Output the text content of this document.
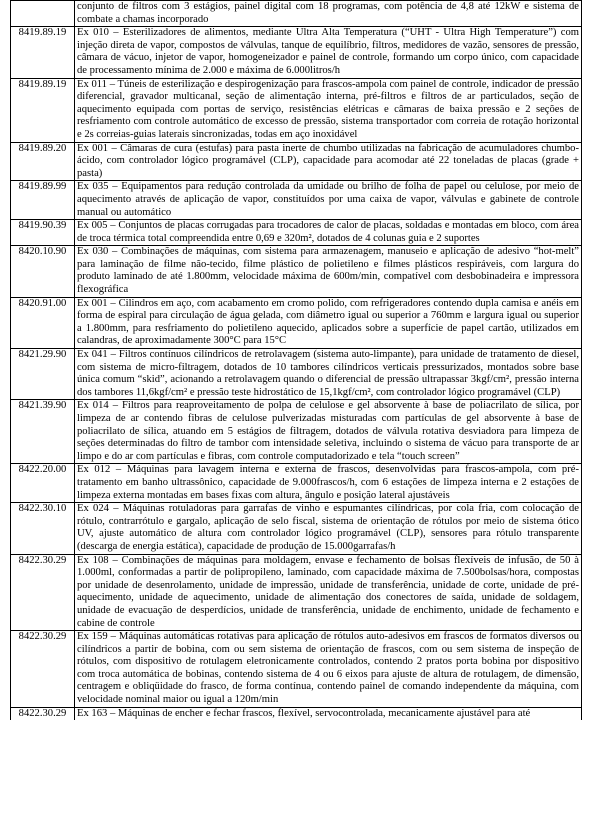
	conjunto de filtros com 3 estágios, painel digital com 18 programas, com potência de 4,8 até 12kW e sistema de combate a chamas incorporado
8419.89.19	Ex 010 – Esterilizadores de alimentos, mediante Ultra Alta Temperatura (“UHT - Ultra High Temperature”) com injeção direta de vapor, compostos de válvulas, tanque de equilíbrio, filtros, medidores de vazão, sensores de pressão, câmara de vácuo, injetor de vapor, homogeneizador e painel de controle, formando um corpo único, com capacidade de processamento mínima de 2.000 e máxima de 6.000litros/h
8419.89.19	Ex 011 – Túneis de esterilização e despirogenização para frascos-ampola com painel de controle, indicador de pressão diferencial, gravador multicanal, seção de alimentação interna, pré-filtros e filtros de ar particulados, seção de aquecimento equipada com portas de serviço, resistências elétricas e câmaras de baixa pressão e 2 seções de resfriamento com controle automático de excesso de pressão, sistema transportador com correia de rotação horizontal e 2s correias-guias laterais sincronizadas, todas em aço inoxidável
8419.89.20	Ex 001 – Câmaras de cura (estufas) para pasta inerte de chumbo utilizadas na fabricação de acumuladores chumbo-ácido, com controlador lógico programável (CLP), capacidade para acomodar até 22 toneladas de placas (grade + pasta)
8419.89.99	Ex 035 – Equipamentos para redução controlada da umidade ou brilho de folha de papel ou celulose, por meio de aquecimento através de aplicação de vapor, constituídos por uma caixa de vapor, válvulas e gabinete de controle manual ou automático
8419.90.39	Ex 005 – Conjuntos de placas corrugadas para trocadores de calor de placas, soldadas e montadas em bloco, com área de troca térmica total compreendida entre 0,69 e 320m², dotados de 4 colunas guia e 2 suportes
8420.10.90	Ex 030 – Combinações de máquinas, com sistema para armazenagem, manuseio e aplicação de adesivo “hot-melt” para laminação de filme não-tecido, filme plástico de polietileno e filmes plásticos respiráveis, com largura do produto laminado de até 1.800mm, velocidade máxima de 600m/min, compatível com desbobinadeira e impressora flexográfica
8420.91.00	Ex 001 – Cilindros em aço, com acabamento em cromo polido, com refrigeradores contendo dupla camisa e anéis em forma de espiral para circulação de água gelada, com diâmetro igual ou superior a 760mm e largura igual ou superior a 1.800mm, para resfriamento do polietileno aquecido, aplicados sobre a superfície de papel cartão, utilizados em calandras, de aproximadamente 300°C para 15°C
8421.29.90	Ex 041 – Filtros contínuos cilíndricos de retrolavagem (sistema auto-limpante), para unidade de tratamento de diesel, com sistema de micro-filtragem, dotados de 10 tambores cilíndricos verticais pressurizados, montados sobre base única comum “skid”, acionando a retrolavagem quando o diferencial de pressão ultrapassar 3kgf/cm², pressão interna dos tambores 11,6kgf/cm² e pressão teste hidrostático de 15,1kgf/cm², com controlador lógico programável (CLP)
8421.39.90	Ex 014 – Filtros para reaproveitamento de polpa de celulose e gel absorvente à base de poliacrilato de sílica, por limpeza de ar contendo fibras de celulose pulverizadas misturadas com partículas de gel absorvente à base de poliacrilato de sílica, atuando em 5 estágios de filtragem, dotados de válvula rotativa desviadora para limpeza de seções determinadas do filtro de tambor com intensidade seletiva, incluindo o sistema de vácuo para transporte de ar limpo e do ar com partículas e fibras, com controle computadorizado e tela “touch screen”
8422.20.00	Ex 012 – Máquinas para lavagem interna e externa de frascos, desenvolvidas para frascos-ampola, com pré-tratamento em banho ultrassônico, capacidade de 9.000frascos/h, com 6 estações de limpeza interna e 2 estações de limpeza externa montadas em bases fixas com altura, ângulo e posição lateral ajustáveis
8422.30.10	Ex 024 – Máquinas rotuladoras para garrafas de vinho e espumantes cilíndricas, por cola fria, com colocação de rótulo, contrarrótulo e gargalo, aplicação de selo fiscal, sistema de orientação de rótulos por meio de sistema ótico UV, ajuste automático de altura com controlador lógico programável (CLP), sensores para rótulo transparente (descarga de energia estática), capacidade de produção de 15.000garrafas/h
8422.30.29	Ex 108 – Combinações de máquinas para moldagem, envase e fechamento de bolsas flexíveis de infusão, de 50 à 1.000ml, conformadas a partir de polipropileno, laminado, com capacidade máxima de 7.500bolsas/hora, compostas por unidade de desenrolamento, unidade de impressão, unidade de transferência, unidade de corte, unidade de pré-aquecimento, unidade de aquecimento, unidade de alimentação dos conectores de saída, unidade de soldagem, unidade de evacuação de desperdícios, unidade de transferência, unidade de enchimento, unidade de fechamento e cabine de controle
8422.30.29	Ex 159 – Máquinas automáticas rotativas para aplicação de rótulos auto-adesivos em frascos de formatos diversos ou cilíndricos a partir de bobina, com ou sem sistema de orientação de frascos, com ou sem sistema de inspeção de rótulos, com dispositivo de rotulagem eletronicamente controlados, contendo 2 pratos porta bobina por dispositivo com troca automática de bobinas, contendo sistema de 4 ou 6 eixos para ajuste de altura de rotulagem, de dimensão, centragem e obliqüidade do frasco, de forma contínua, contendo painel de comando independente da máquina, com velocidade nominal maior ou igual a 120m/min
8422.30.29	Ex 163 – Máquinas de encher e fechar frascos, flexível, servocontrolada, mecanicamente ajustável para até
